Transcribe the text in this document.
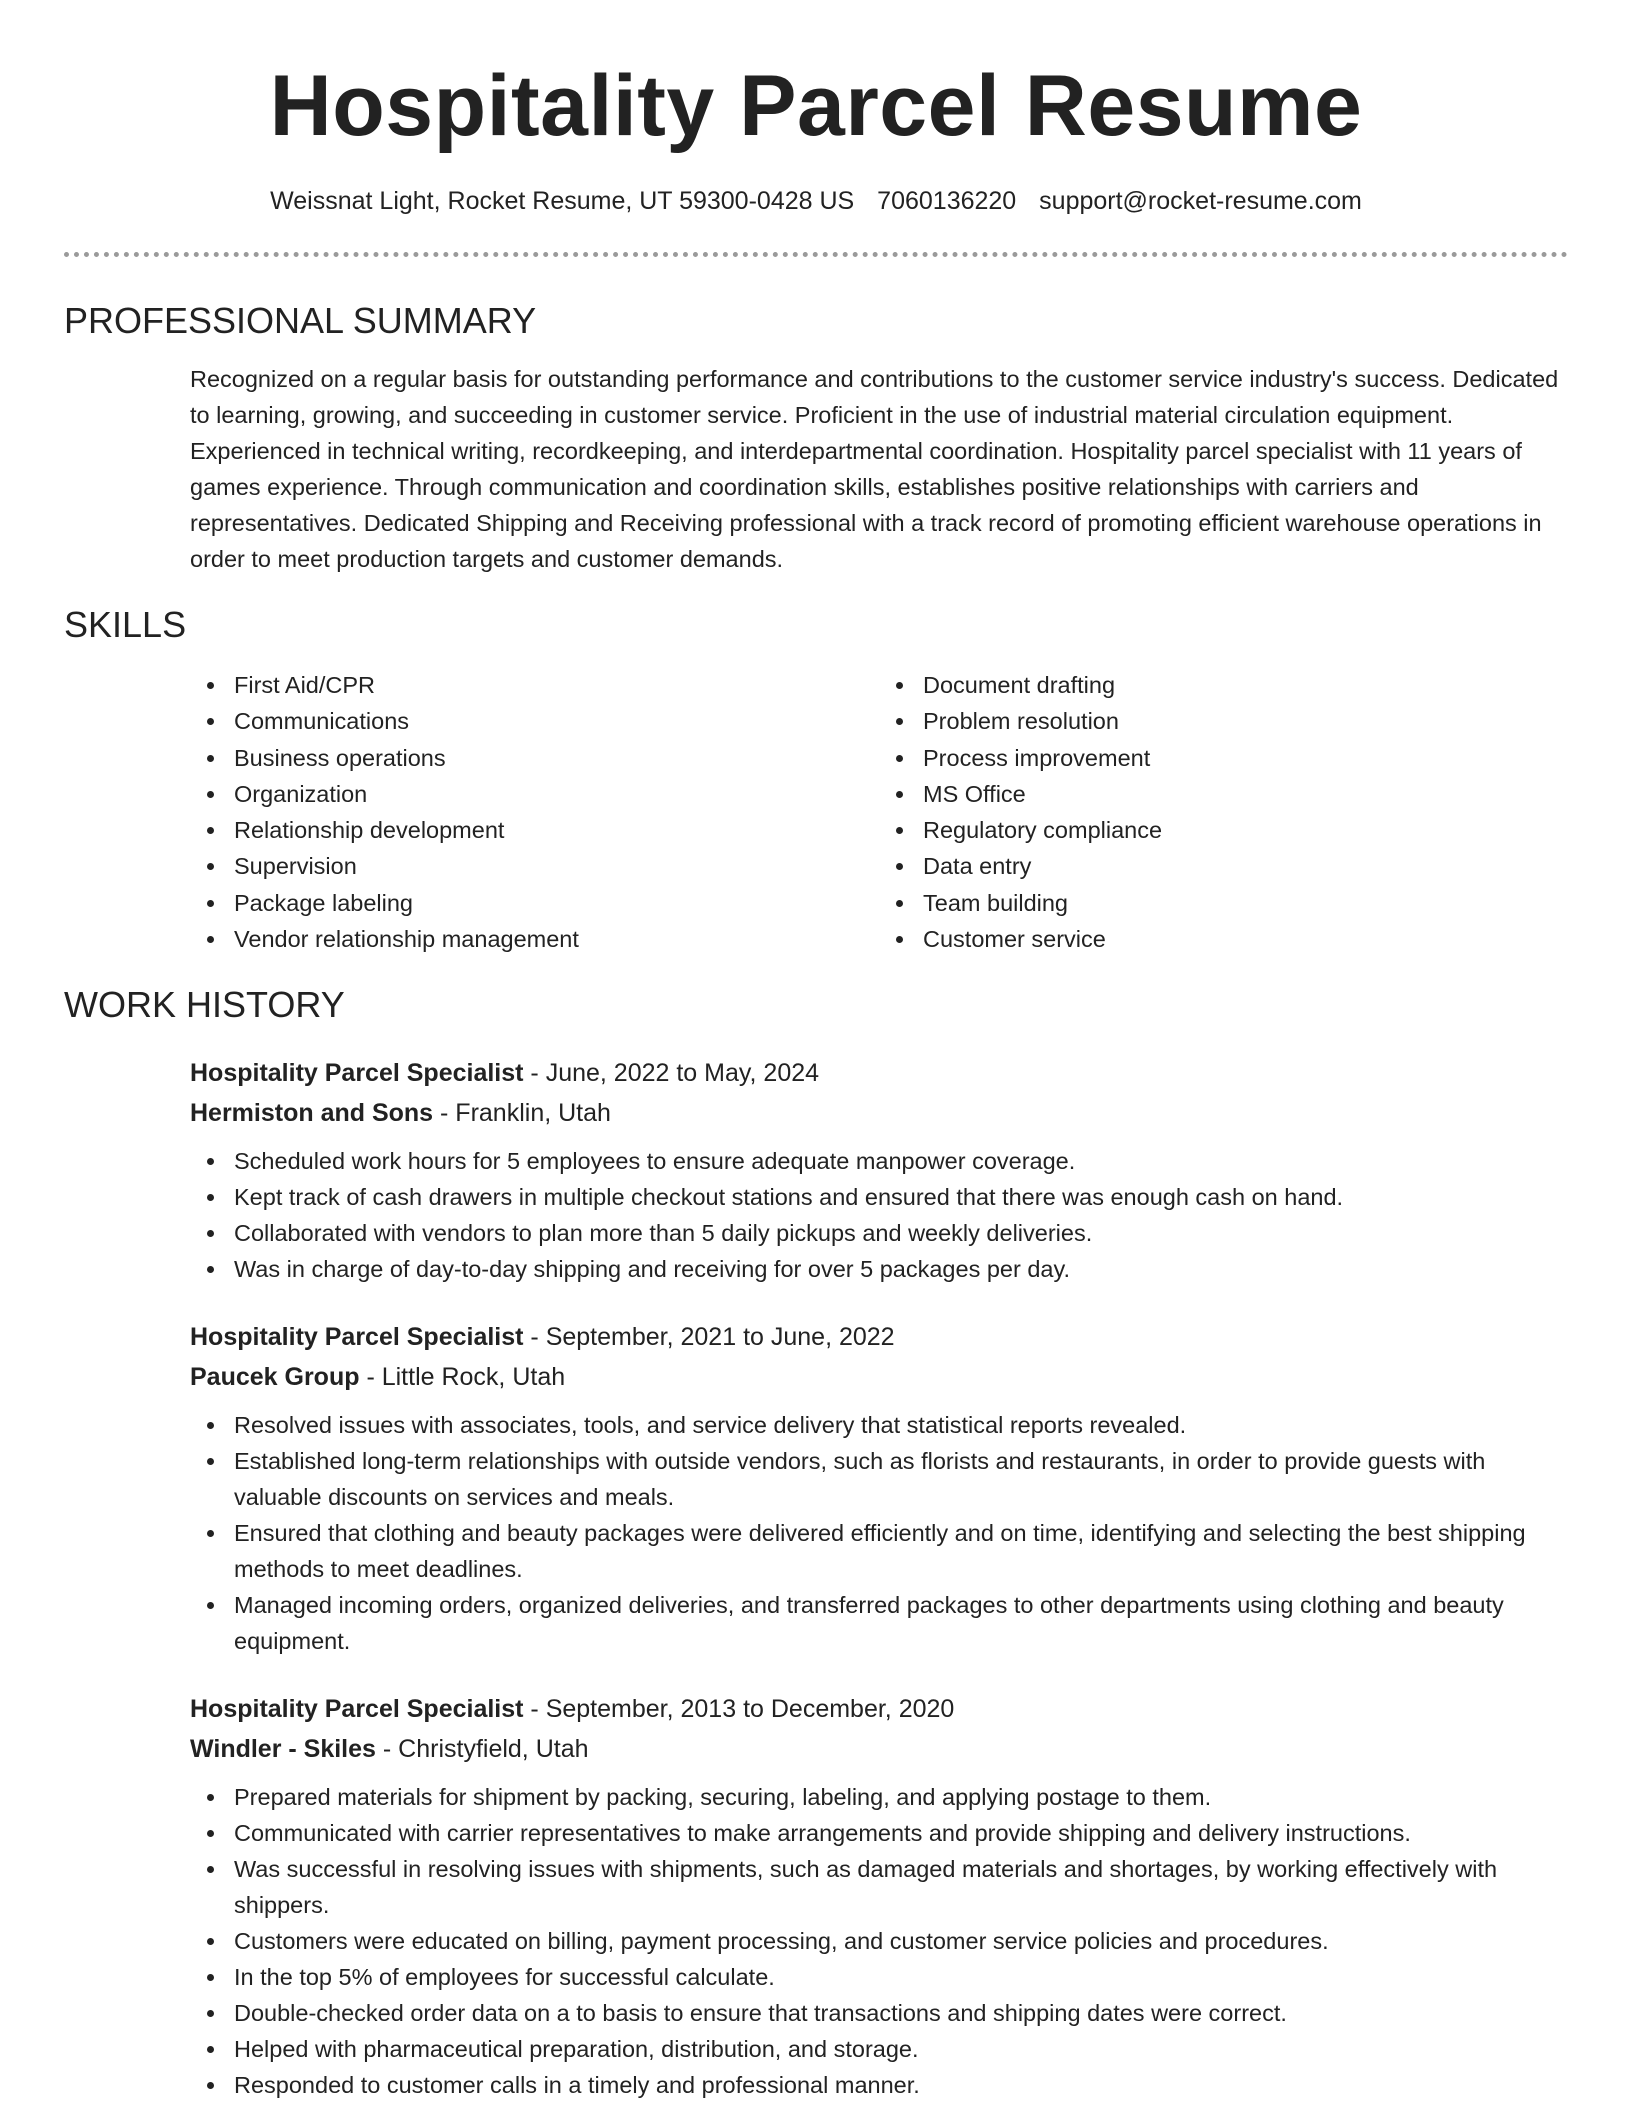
Hospitality Parcel Resume
Weissnat Light, Rocket Resume, UT 59300-0428 US 7060136220 support@rocket-resume.com
PROFESSIONAL SUMMARY
Recognized on a regular basis for outstanding performance and contributions to the customer service industry's success. Dedicated to learning, growing, and succeeding in customer service. Proficient in the use of industrial material circulation equipment. Experienced in technical writing, recordkeeping, and interdepartmental coordination. Hospitality parcel specialist with 11 years of games experience. Through communication and coordination skills, establishes positive relationships with carriers and representatives. Dedicated Shipping and Receiving professional with a track record of promoting efficient warehouse operations in order to meet production targets and customer demands.
SKILLS
First Aid/CPR
Communications
Business operations
Organization
Relationship development
Supervision
Package labeling
Vendor relationship management
Document drafting
Problem resolution
Process improvement
MS Office
Regulatory compliance
Data entry
Team building
Customer service
WORK HISTORY
Hospitality Parcel Specialist - June, 2022 to May, 2024
Hermiston and Sons - Franklin, Utah
Scheduled work hours for 5 employees to ensure adequate manpower coverage.
Kept track of cash drawers in multiple checkout stations and ensured that there was enough cash on hand.
Collaborated with vendors to plan more than 5 daily pickups and weekly deliveries.
Was in charge of day-to-day shipping and receiving for over 5 packages per day.
Hospitality Parcel Specialist - September, 2021 to June, 2022
Paucek Group - Little Rock, Utah
Resolved issues with associates, tools, and service delivery that statistical reports revealed.
Established long-term relationships with outside vendors, such as florists and restaurants, in order to provide guests with valuable discounts on services and meals.
Ensured that clothing and beauty packages were delivered efficiently and on time, identifying and selecting the best shipping methods to meet deadlines.
Managed incoming orders, organized deliveries, and transferred packages to other departments using clothing and beauty equipment.
Hospitality Parcel Specialist - September, 2013 to December, 2020
Windler - Skiles - Christyfield, Utah
Prepared materials for shipment by packing, securing, labeling, and applying postage to them.
Communicated with carrier representatives to make arrangements and provide shipping and delivery instructions.
Was successful in resolving issues with shipments, such as damaged materials and shortages, by working effectively with shippers.
Customers were educated on billing, payment processing, and customer service policies and procedures.
In the top 5% of employees for successful calculate.
Double-checked order data on a to basis to ensure that transactions and shipping dates were correct.
Helped with pharmaceutical preparation, distribution, and storage.
Responded to customer calls in a timely and professional manner.
